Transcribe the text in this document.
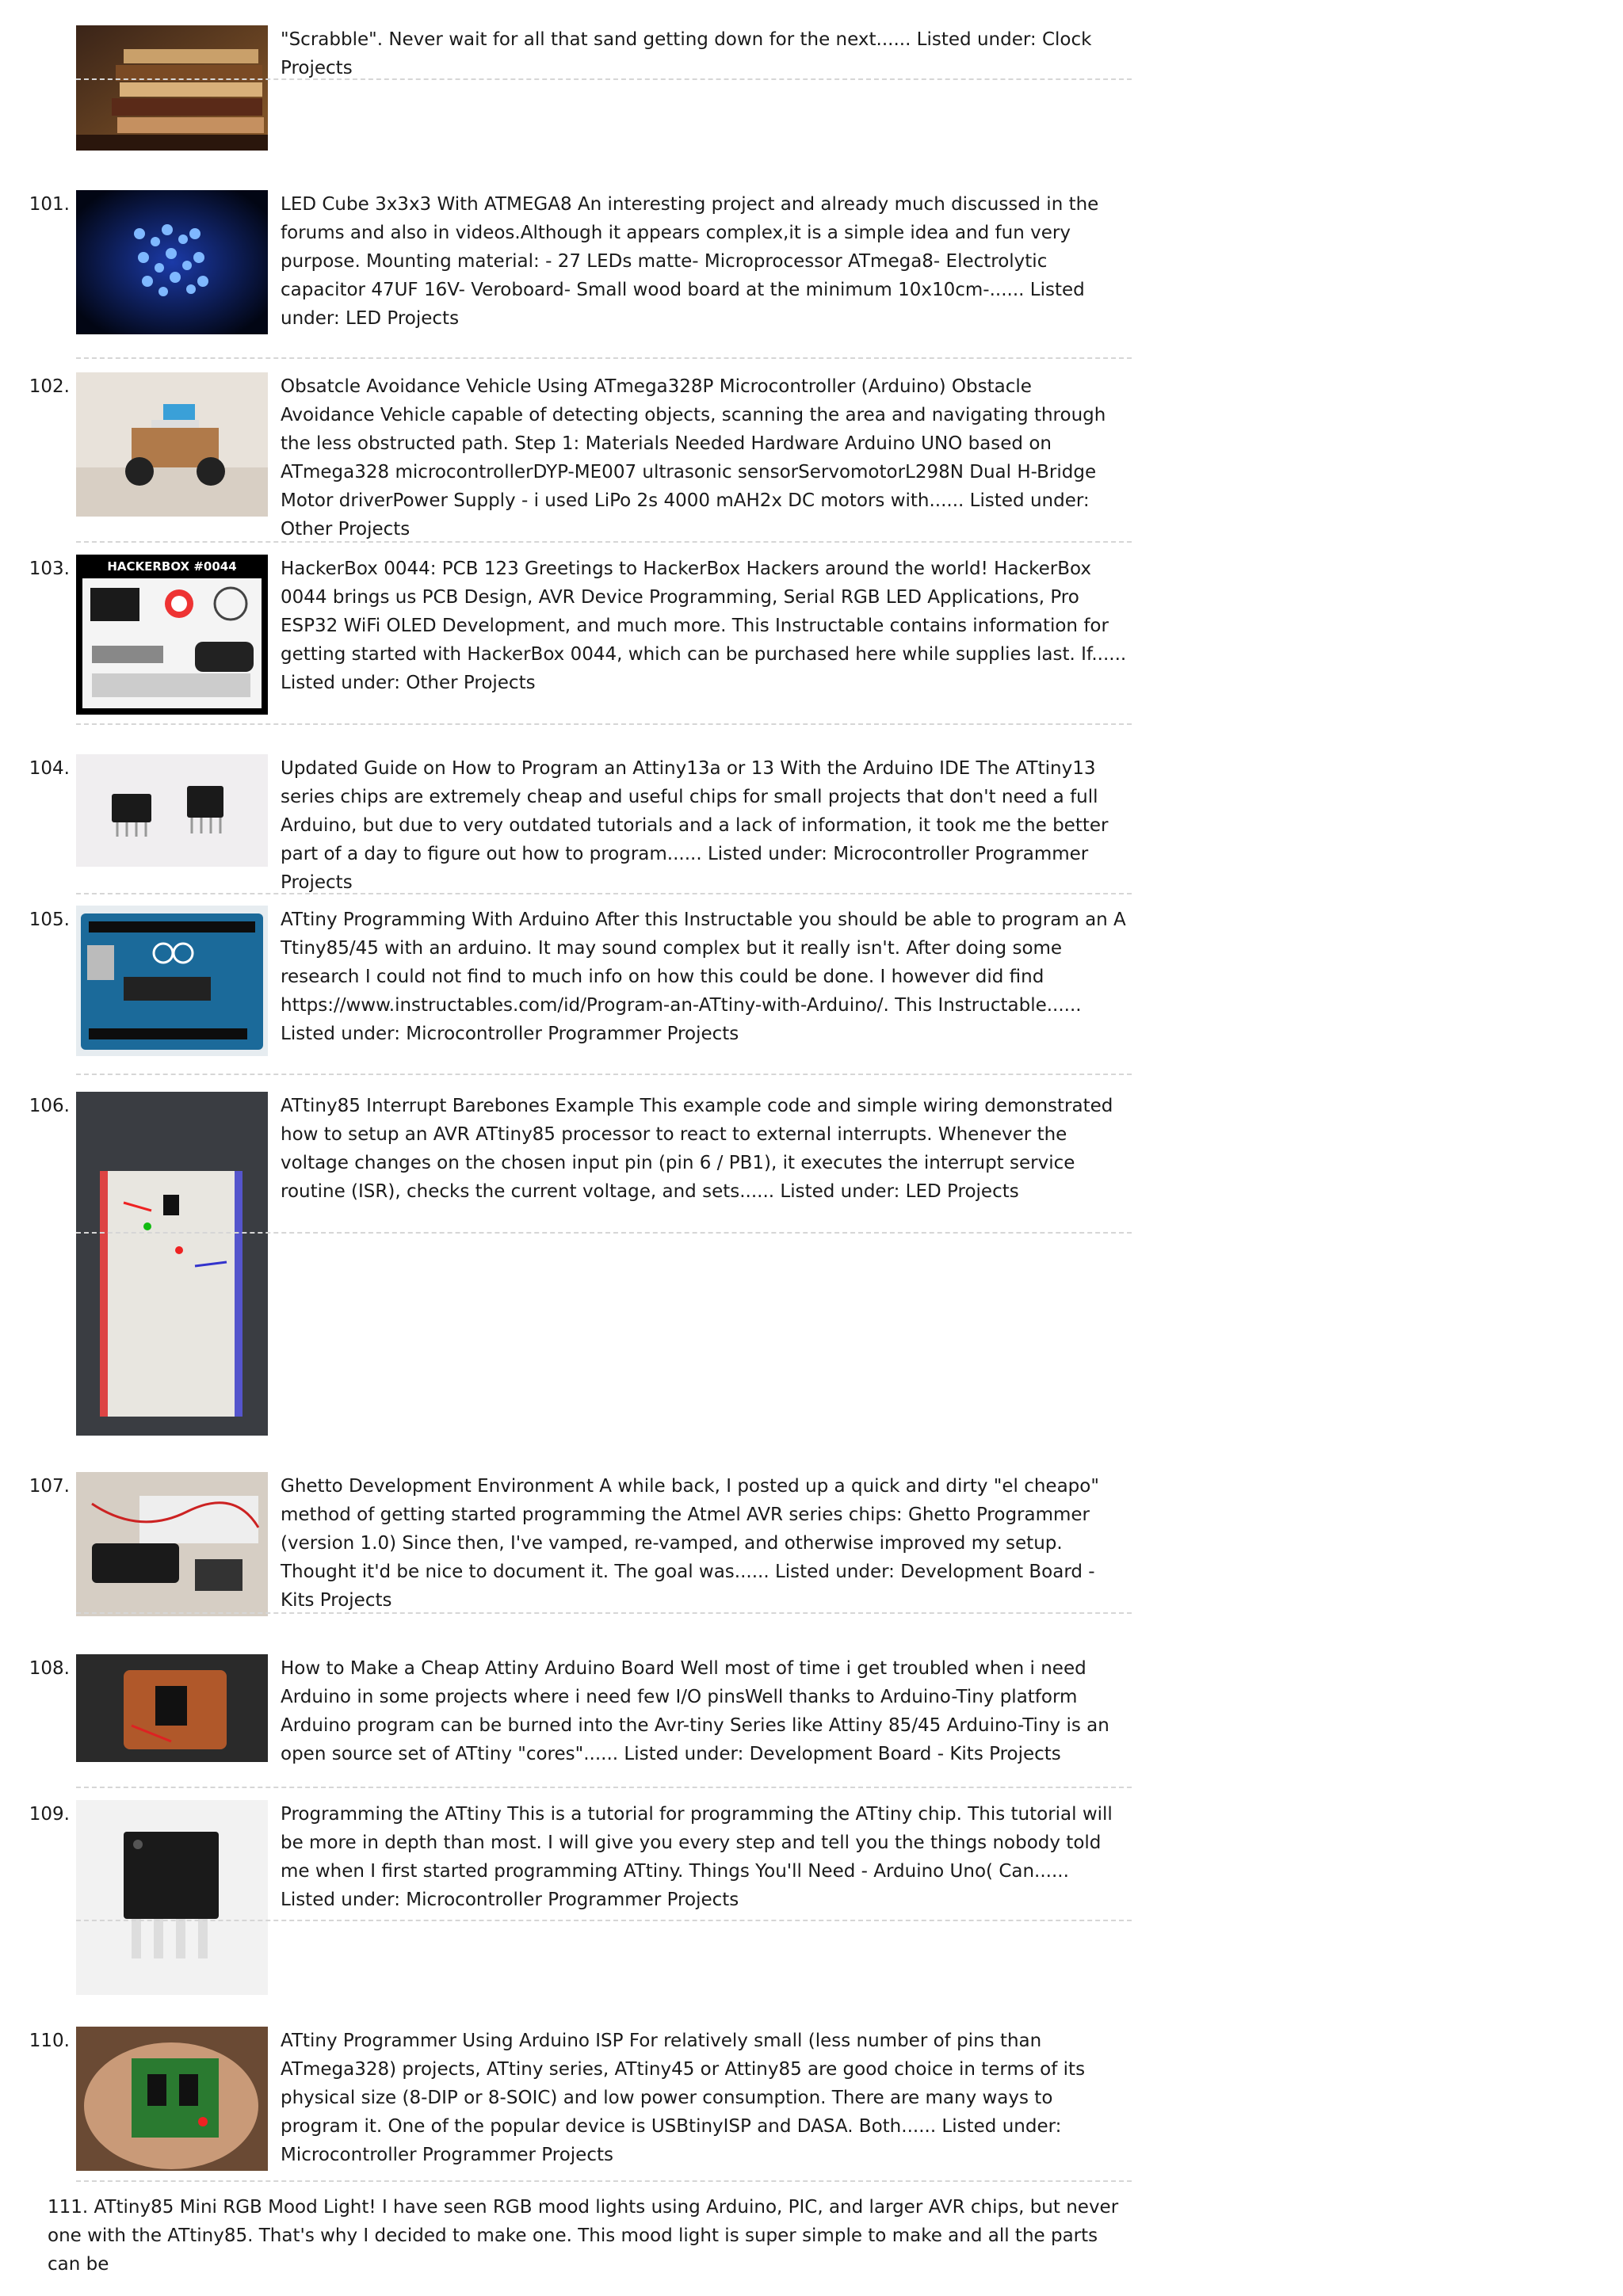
"Scrabble". Never wait for all that sand getting down for the next...... Listed under: Clock Projects
101.	LED Cube 3x3x3 With ATMEGA8 An interesting project and already much discussed in the forums and also in videos.Although it appears complex,it is a simple idea and fun very purpose. Mounting material: - 27 LEDs matte- Microprocessor ATmega8- Electrolytic capacitor 47UF 16V- Veroboard- Small wood board at the minimum 10x10cm-...... Listed under: LED Projects
102.	Obsatcle Avoidance Vehicle Using ATmega328P Microcontroller (Arduino) Obstacle Avoidance Vehicle capable of detecting objects, scanning the area and navigating through the less obstructed path. Step 1: Materials Needed Hardware Arduino UNO based on ATmega328 microcontrollerDYP-ME007 ultrasonic sensorServomotorL298N Dual H-Bridge Motor driverPower Supply - i used LiPo 2s 4000 mAH2x DC motors with...... Listed under: Other Projects
103.	HACKERBOX #0044 HackerBox 0044: PCB 123 Greetings to HackerBox Hackers around the world! HackerBox 0044 brings us PCB Design, AVR Device Programming, Serial RGB LED Applications, Pro ESP32 WiFi OLED Development, and much more. This Instructable contains information for getting started with HackerBox 0044, which can be purchased here while supplies last. If...... Listed under: Other Projects
104.	Updated Guide on How to Program an Attiny13a or 13 With the Arduino IDE The ATtiny13 series chips are extremely cheap and useful chips for small projects that don't need a full Arduino, but due to very outdated tutorials and a lack of information, it took me the better part of a day to figure out how to program...... Listed under: Microcontroller Programmer Projects
105.	ATtiny Programming With Arduino After this Instructable you should be able to program an A Ttiny85/45 with an arduino. It may sound complex but it really isn't. After doing some research I could not find to much info on how this could be done. I however did find https://www.instructables.com/id/Program-an-ATtiny-with-Arduino/. This Instructable...... Listed under: Microcontroller Programmer Projects
106.	ATtiny85 Interrupt Barebones Example This example code and simple wiring demonstrated how to setup an AVR ATtiny85 processor to react to external interrupts. Whenever the voltage changes on the chosen input pin (pin 6 / PB1), it executes the interrupt service routine (ISR), checks the current voltage, and sets...... Listed under: LED Projects
107.	Ghetto Development Environment A while back, I posted up a quick and dirty "el cheapo" method of getting started programming the Atmel AVR series chips: Ghetto Programmer (version 1.0) Since then, I've vamped, re-vamped, and otherwise improved my setup. Thought it'd be nice to document it. The goal was...... Listed under: Development Board - Kits Projects
108.	How to Make a Cheap Attiny Arduino Board Well most of time i get troubled when i need Arduino in some projects where i need few I/O pinsWell thanks to Arduino-Tiny platform Arduino program can be burned into the Avr-tiny Series like Attiny 85/45 Arduino-Tiny is an open source set of ATtiny "cores"...... Listed under: Development Board - Kits Projects
109.	Programming the ATtiny This is a tutorial for programming the ATtiny chip. This tutorial will be more in depth than most. I will give you every step and tell you the things nobody told me when I first started programming ATtiny. Things You'll Need - Arduino Uno( Can...... Listed under: Microcontroller Programmer Projects
110.	ATtiny Programmer Using Arduino ISP For relatively small (less number of pins than ATmega328) projects, ATtiny series, ATtiny45 or Attiny85 are good choice in terms of its physical size (8-DIP or 8-SOIC) and low power consumption. There are many ways to program it. One of the popular device is USBtinyISP and DASA. Both...... Listed under: Microcontroller Programmer Projects
111. ATtiny85 Mini RGB Mood Light! I have seen RGB mood lights using Arduino, PIC, and larger AVR chips, but never one with the ATtiny85. That's why I decided to make one. This mood light is super simple to make and all the parts can be
